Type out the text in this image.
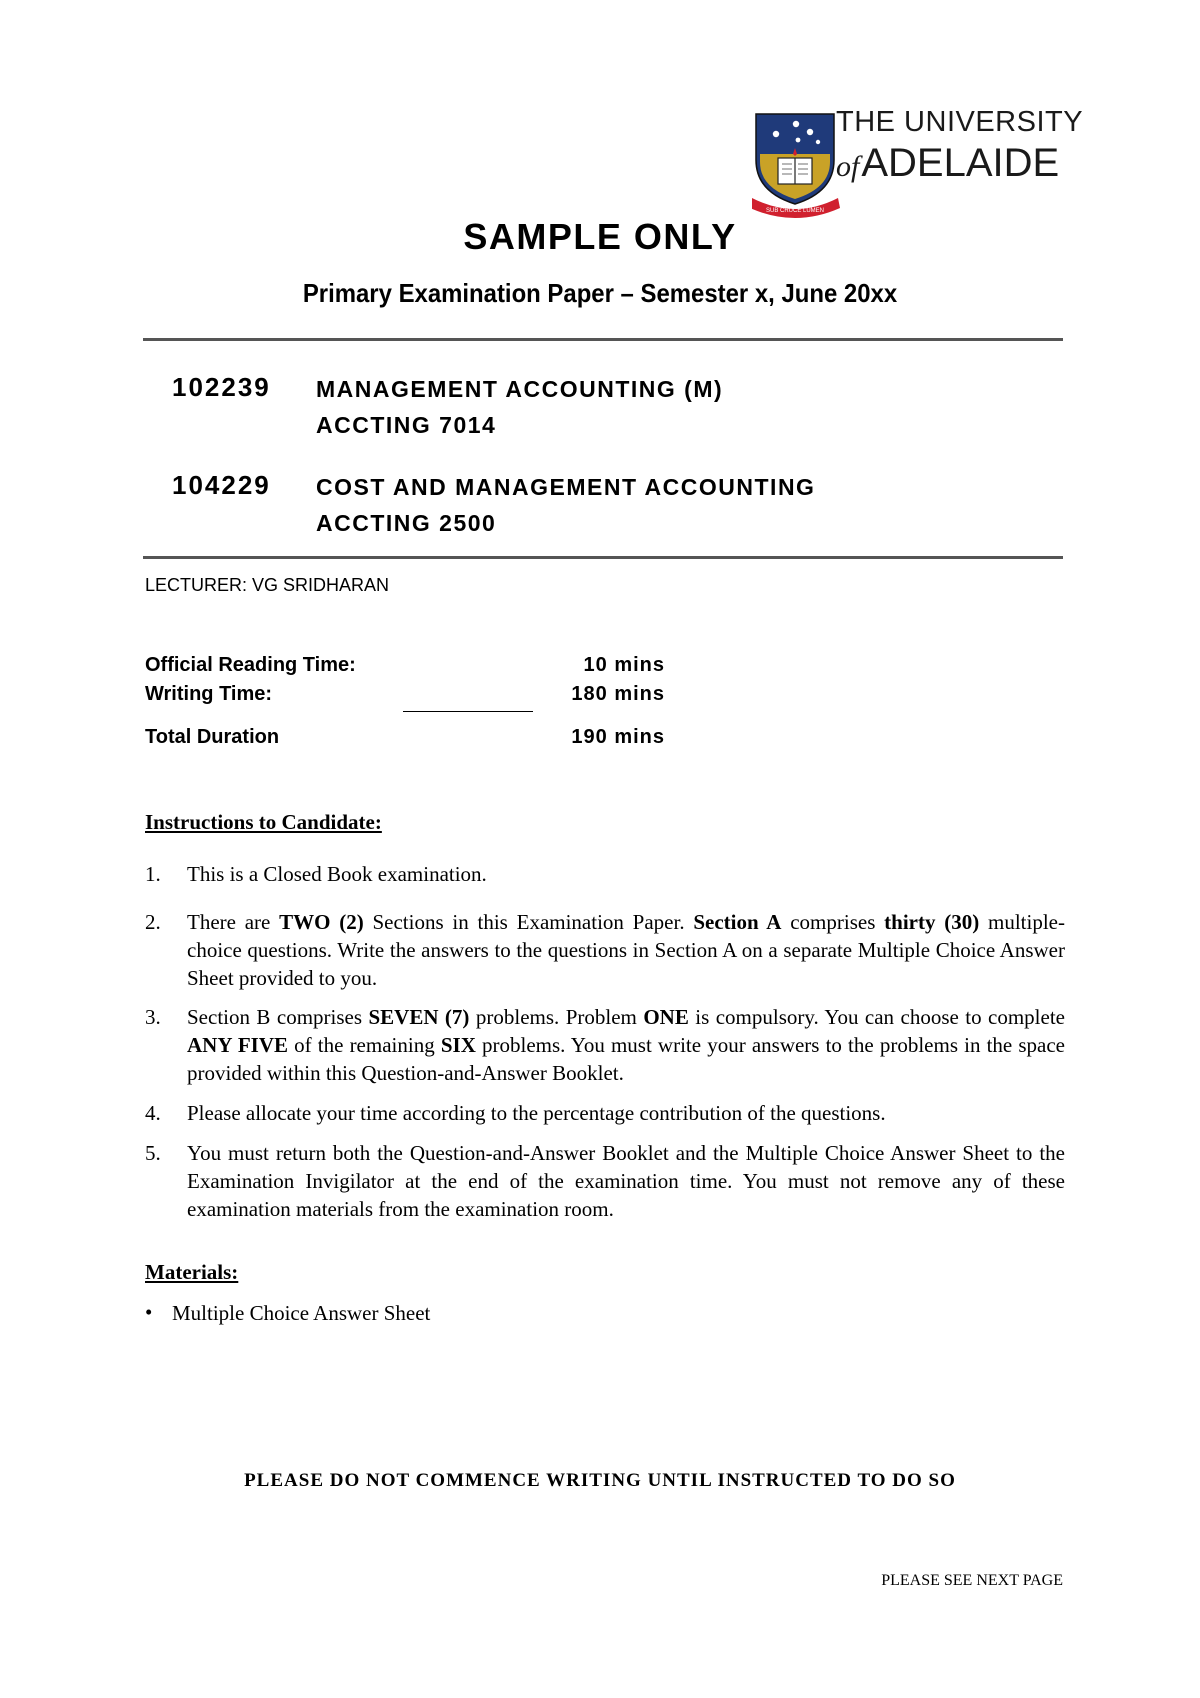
SUB CRUCE LUMEN
THE UNIVERSITY
ofADELAIDE
SAMPLE ONLY
Primary Examination Paper – Semester x, June 20xx
102239 MANAGEMENT ACCOUNTING (M)
ACCTING 7014
104229 COST AND MANAGEMENT ACCOUNTING
ACCTING 2500
LECTURER: VG SRIDHARAN
Official Reading Time:	10 mins
Writing Time:	180 mins
Total Duration	190 mins
Instructions to Candidate:
1. This is a Closed Book examination.
2. There are TWO (2) Sections in this Examination Paper. Section A comprises thirty (30) multiple-choice questions. Write the answers to the questions in Section A on a separate Multiple Choice Answer Sheet provided to you.
3. Section B comprises SEVEN (7) problems. Problem ONE is compulsory. You can choose to complete ANY FIVE of the remaining SIX problems. You must write your answers to the problems in the space provided within this Question-and-Answer Booklet.
4. Please allocate your time according to the percentage contribution of the questions.
5. You must return both the Question-and-Answer Booklet and the Multiple Choice Answer Sheet to the Examination Invigilator at the end of the examination time. You must not remove any of these examination materials from the examination room.
Materials:
• Multiple Choice Answer Sheet
PLEASE DO NOT COMMENCE WRITING UNTIL INSTRUCTED TO DO SO
PLEASE SEE NEXT PAGE
